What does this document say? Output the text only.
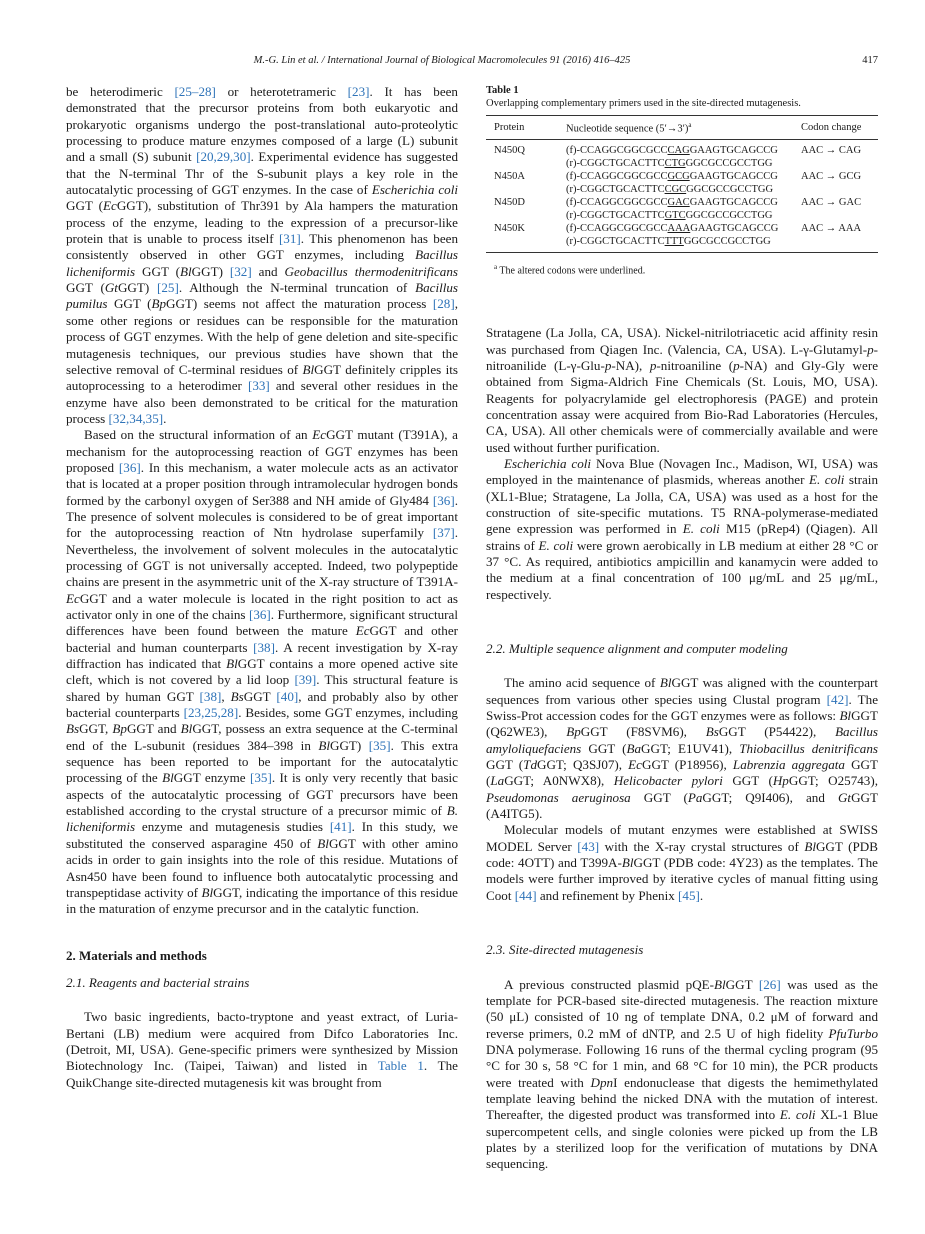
M.-G. Lin et al. / International Journal of Biological Macromolecules 91 (2016) 416–425	417

be heterodimeric [25–28] or heterotetrameric [23]. It has been demonstrated that the precursor proteins from both eukaryotic and prokaryotic organisms undergo the post-translational auto-proteolytic processing to produce mature enzymes composed of a large (L) subunit and a small (S) subunit [20,29,30]. Experimental evidence has suggested that the N-terminal Thr of the S-subunit plays a key role in the autocatalytic processing of GGT enzymes. In the case of Escherichia coli GGT (EcGGT), substitution of Thr391 by Ala hampers the maturation process of the enzyme, leading to the expression of a precursor-like protein that is unable to process itself [31]. This phenomenon has been consistently observed in other GGT enzymes, including Bacillus licheniformis GGT (BlGGT) [32] and Geobacillus thermodenitrificans GGT (GtGGT) [25]. Although the N-terminal truncation of Bacillus pumilus GGT (BpGGT) seems not affect the maturation process [28], some other regions or residues can be responsible for the maturation process of GGT enzymes. With the help of gene deletion and site-specific mutagenesis techniques, our previous studies have shown that the selective removal of C-terminal residues of BlGGT definitely cripples its autoprocessing to a heterodimer [33] and several other residues in the enzyme have also been demonstrated to be critical for the maturation process [32,34,35].

Based on the structural information of an EcGGT mutant (T391A), a mechanism for the autoprocessing reaction of GGT enzymes has been proposed [36]. In this mechanism, a water molecule acts as an activator that is located at a proper position through intramolecular hydrogen bonds formed by the carbonyl oxygen of Ser388 and NH amide of Gly484 [36]. The presence of solvent molecules is considered to be of great important for the autoprocessing reaction of Ntn hydrolase superfamily [37]. Nevertheless, the involvement of solvent molecules in the autocatalytic processing of GGT is not universally accepted. Indeed, two polypeptide chains are present in the asymmetric unit of the X-ray structure of T391A-EcGGT and a water molecule is located in the right position to act as activator only in one of the chains [36]. Furthermore, significant structural differences have been found between the mature EcGGT and other bacterial and human counterparts [38]. A recent investigation by X-ray diffraction has indicated that BlGGT contains a more opened active site cleft, which is not covered by a lid loop [39]. This structural feature is shared by human GGT [38], BsGGT [40], and probably also by other bacterial counterparts [23,25,28]. Besides, some GGT enzymes, including BsGGT, BpGGT and BlGGT, possess an extra sequence at the C-terminal end of the L-subunit (residues 384–398 in BlGGT) [35]. This extra sequence has been reported to be important for the autocatalytic processing of the BlGGT enzyme [35]. It is only very recently that basic aspects of the autocatalytic processing of GGT precursors have been established according to the crystal structure of a precursor mimic of B. licheniformis enzyme and mutagenesis studies [41]. In this study, we substituted the conserved asparagine 450 of BlGGT with other amino acids in order to gain insights into the role of this residue. Mutations of Asn450 have been found to influence both autocatalytic processing and transpeptidase activity of BlGGT, indicating the importance of this residue in the maturation of enzyme precursor and in the catalytic function.

2. Materials and methods
2.1. Reagents and bacterial strains

Two basic ingredients, bacto-tryptone and yeast extract, of Luria-Bertani (LB) medium were acquired from Difco Laboratories Inc. (Detroit, MI, USA). Gene-specific primers were synthesized by Mission Biotechnology Inc. (Taipei, Taiwan) and listed in Table 1. The QuikChange site-directed mutagenesis kit was brought from

Table 1
Overlapping complementary primers used in the site-directed mutagenesis.
Protein	Nucleotide sequence $(5'\to 3')^a$	Codon change
N450Q	(f)-CCAGGCGGCGCCCAGGAAGTGCAGCCG
(r)-CGGCTGCACTTCCTGGGCGCCGCCTGG	AAC → CAG
N450A	(f)-CCAGGCGGCGCCGCGGAAGTGCAGCCG
(r)-CGGCTGCACTTCCGCGGCGCCGCCTGG	AAC → GCG
N450D	(f)-CCAGGCGGCGCCGACGAAGTGCAGCCG
(r)-CGGCTGCACTTCGTCGGCGCCGCCTGG	AAC → GAC
N450K	(f)-CCAGGCGGCGCCAAAGAAGTGCAGCCG
(r)-CGGCTGCACTTCTTTGGCGCCGCCTGG	AAC → AAA
$^a$ The altered codons were underlined.

Stratagene (La Jolla, CA, USA). Nickel-nitrilotriacetic acid affinity resin was purchased from Qiagen Inc. (Valencia, CA, USA). L-γ-Glutamyl-p-nitroanilide (L-γ-Glu-p-NA), p-nitroaniline (p-NA) and Gly-Gly were obtained from Sigma-Aldrich Fine Chemicals (St. Louis, MO, USA). Reagents for polyacrylamide gel electrophoresis (PAGE) and protein concentration assay were acquired from Bio-Rad Laboratories (Hercules, CA, USA). All other chemicals were of commercially available and were used without further purification.

Escherichia coli Nova Blue (Novagen Inc., Madison, WI, USA) was employed in the maintenance of plasmids, whereas another E. coli strain (XL1-Blue; Stratagene, La Jolla, CA, USA) was used as a host for the construction of site-specific mutations. T5 RNA-polymerase-mediated gene expression was performed in E. coli M15 (pRep4) (Qiagen). All strains of E. coli were grown aerobically in LB medium at either 28 °C or 37 °C. As required, antibiotics ampicillin and kanamycin were added to the medium at a final concentration of 100 μg/mL and 25 μg/mL, respectively.

2.2. Multiple sequence alignment and computer modeling

The amino acid sequence of BlGGT was aligned with the counterpart sequences from various other species using Clustal program [42]. The Swiss-Prot accession codes for the GGT enzymes were as follows: BlGGT (Q62WE3), BpGGT (F8SVM6), BsGGT (P54422), Bacillus amyloliquefaciens GGT (BaGGT; E1UV41), Thiobacillus denitrificans GGT (TdGGT; Q3SJ07), EcGGT (P18956), Labrenzia aggregata GGT (LaGGT; A0NWX8), Helicobacter pylori GGT (HpGGT; O25743), Pseudomonas aeruginosa GGT (PaGGT; Q9I406), and GtGGT (A4ITG5).

Molecular models of mutant enzymes were established at SWISS MODEL Server [43] with the X-ray crystal structures of BlGGT (PDB code: 4OTT) and T399A-BlGGT (PDB code: 4Y23) as the templates. The models were further improved by iterative cycles of manual fitting using Coot [44] and refinement by Phenix [45].

2.3. Site-directed mutagenesis

A previous constructed plasmid pQE-BlGGT [26] was used as the template for PCR-based site-directed mutagenesis. The reaction mixture (50 μL) consisted of 10 ng of template DNA, 0.2 μM of forward and reverse primers, 0.2 mM of dNTP, and 2.5 U of high fidelity PfuTurbo DNA polymerase. Following 16 runs of the thermal cycling program (95 °C for 30 s, 58 °C for 1 min, and 68 °C for 10 min), the PCR products were treated with DpnI endonuclease that digests the hemimethylated template leaving behind the nicked DNA with the mutation of interest. Thereafter, the digested product was transformed into E. coli XL-1 Blue supercompetent cells, and single colonies were picked up from the LB plates by a sterilized loop for the verification of mutations by DNA sequencing.
